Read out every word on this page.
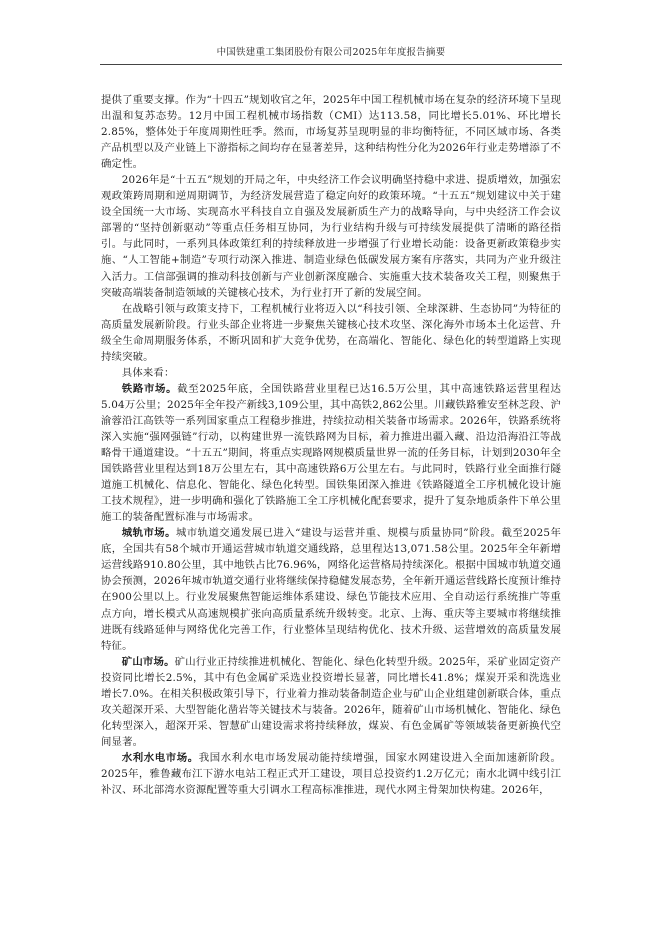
中国铁建重工集团股份有限公司2025年年度报告摘要

提供了重要支撑。作为“十四五”规划收官之年，2025年中国工程机械市场在复杂的经济环境下呈现出温和复苏态势。12月中国工程机械市场指数（CMI）达113.58，同比增长5.01%、环比增长2.85%，整体处于年度周期性旺季。然而，市场复苏呈现明显的非均衡特征，不同区域市场、各类产品机型以及产业链上下游指标之间均存在显著差异，这种结构性分化为2026年行业走势增添了不确定性。

2026年是“十五五”规划的开局之年，中央经济工作会议明确坚持稳中求进、提质增效，加强宏观政策跨周期和逆周期调节，为经济发展营造了稳定向好的政策环境。“十五五”规划建议中关于建设全国统一大市场、实现高水平科技自立自强及发展新质生产力的战略导向，与中央经济工作会议部署的“坚持创新驱动”等重点任务相互协同，为行业结构升级与可持续发展提供了清晰的路径指引。与此同时，一系列具体政策红利的持续释放进一步增强了行业增长动能：设备更新政策稳步实施、“人工智能+制造”专项行动深入推进、制造业绿色低碳发展方案有序落实，共同为产业升级注入活力。工信部强调的推动科技创新与产业创新深度融合、实施重大技术装备攻关工程，则聚焦于突破高端装备制造领域的关键核心技术，为行业打开了新的发展空间。

在战略引领与政策支持下，工程机械行业将迈入以“科技引领、全球深耕、生态协同”为特征的高质量发展新阶段。行业头部企业将进一步聚焦关键核心技术攻坚、深化海外市场本土化运营、升级全生命周期服务体系，不断巩固和扩大竞争优势，在高端化、智能化、绿色化的转型道路上实现持续突破。

具体来看：

铁路市场。截至2025年底，全国铁路营业里程已达16.5万公里，其中高速铁路运营里程达5.04万公里；2025年全年投产新线3,109公里，其中高铁2,862公里。川藏铁路雅安至林芝段、沪渝蓉沿江高铁等一系列国家重点工程稳步推进，持续拉动相关装备市场需求。2026年，铁路系统将深入实施“强网强链”行动，以构建世界一流铁路网为目标，着力推进出疆入藏、沿边沿海沿江等战略骨干通道建设。“十五五”期间，将重点实现路网规模质量世界一流的任务目标，计划到2030年全国铁路营业里程达到18万公里左右，其中高速铁路6万公里左右。与此同时，铁路行业全面推行隧道施工机械化、信息化、智能化、绿色化转型。国铁集团深入推进《铁路隧道全工序机械化设计施工技术规程》，进一步明确和强化了铁路施工全工序机械化配套要求，提升了复杂地质条件下单公里施工的装备配置标准与市场需求。

城轨市场。城市轨道交通发展已进入“建设与运营并重、规模与质量协同”阶段。截至2025年底，全国共有58个城市开通运营城市轨道交通线路，总里程达13,071.58公里。2025年全年新增运营线路910.80公里，其中地铁占比76.96%，网络化运营格局持续深化。根据中国城市轨道交通协会预测，2026年城市轨道交通行业将继续保持稳健发展态势，全年新开通运营线路长度预计维持在900公里以上。行业发展聚焦智能运维体系建设、绿色节能技术应用、全自动运行系统推广等重点方向，增长模式从高速规模扩张向高质量系统升级转变。北京、上海、重庆等主要城市将继续推进既有线路延伸与网络优化完善工作，行业整体呈现结构优化、技术升级、运营增效的高质量发展特征。

矿山市场。矿山行业正持续推进机械化、智能化、绿色化转型升级。2025年，采矿业固定资产投资同比增长2.5%，其中有色金属矿采选业投资增长显著，同比增长41.8%；煤炭开采和洗选业增长7.0%。在相关积极政策引导下，行业着力推动装备制造企业与矿山企业组建创新联合体，重点攻关超深开采、大型智能化凿岩等关键技术与装备。2026年，随着矿山市场机械化、智能化、绿色化转型深入，超深开采、智慧矿山建设需求将持续释放，煤炭、有色金属矿等领域装备更新换代空间显著。

水利水电市场。我国水利水电市场发展动能持续增强，国家水网建设进入全面加速新阶段。2025年，雅鲁藏布江下游水电站工程正式开工建设，项目总投资约1.2万亿元；南水北调中线引江补汉、环北部湾水资源配置等重大引调水工程高标准推进，现代水网主骨架加快构建。2026年，
